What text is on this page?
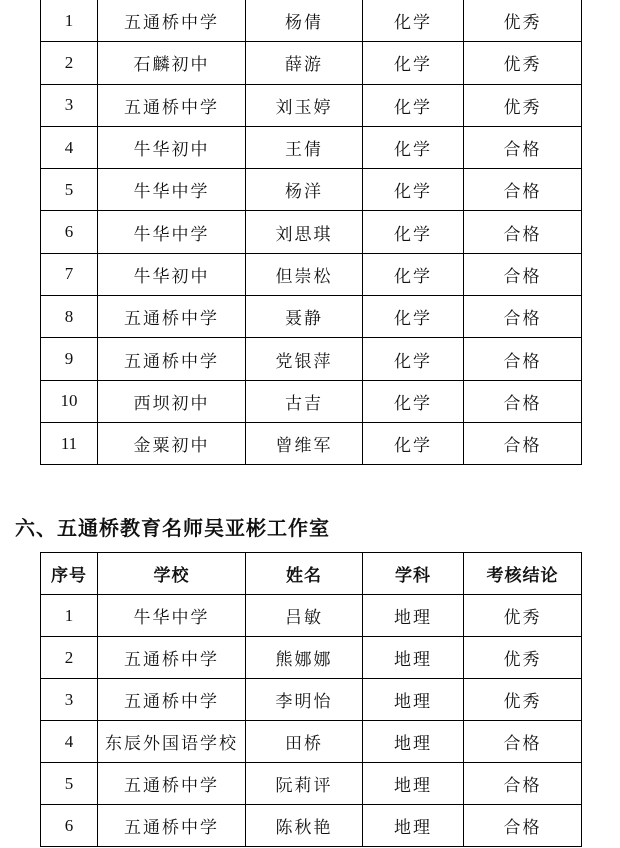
1	五通桥中学	杨倩	化学	优秀
2	石麟初中	薛游	化学	优秀
3	五通桥中学	刘玉婷	化学	优秀
4	牛华初中	王倩	化学	合格
5	牛华中学	杨洋	化学	合格
6	牛华中学	刘思琪	化学	合格
7	牛华初中	但崇松	化学	合格
8	五通桥中学	聂静	化学	合格
9	五通桥中学	党银萍	化学	合格
10	西坝初中	古吉	化学	合格
11	金粟初中	曾维军	化学	合格
六、五通桥教育名师吴亚彬工作室
序号	学校	姓名	学科	考核结论
1	牛华中学	吕敏	地理	优秀
2	五通桥中学	熊娜娜	地理	优秀
3	五通桥中学	李明怡	地理	优秀
4	东辰外国语学校	田桥	地理	合格
5	五通桥中学	阮莉评	地理	合格
6	五通桥中学	陈秋艳	地理	合格
